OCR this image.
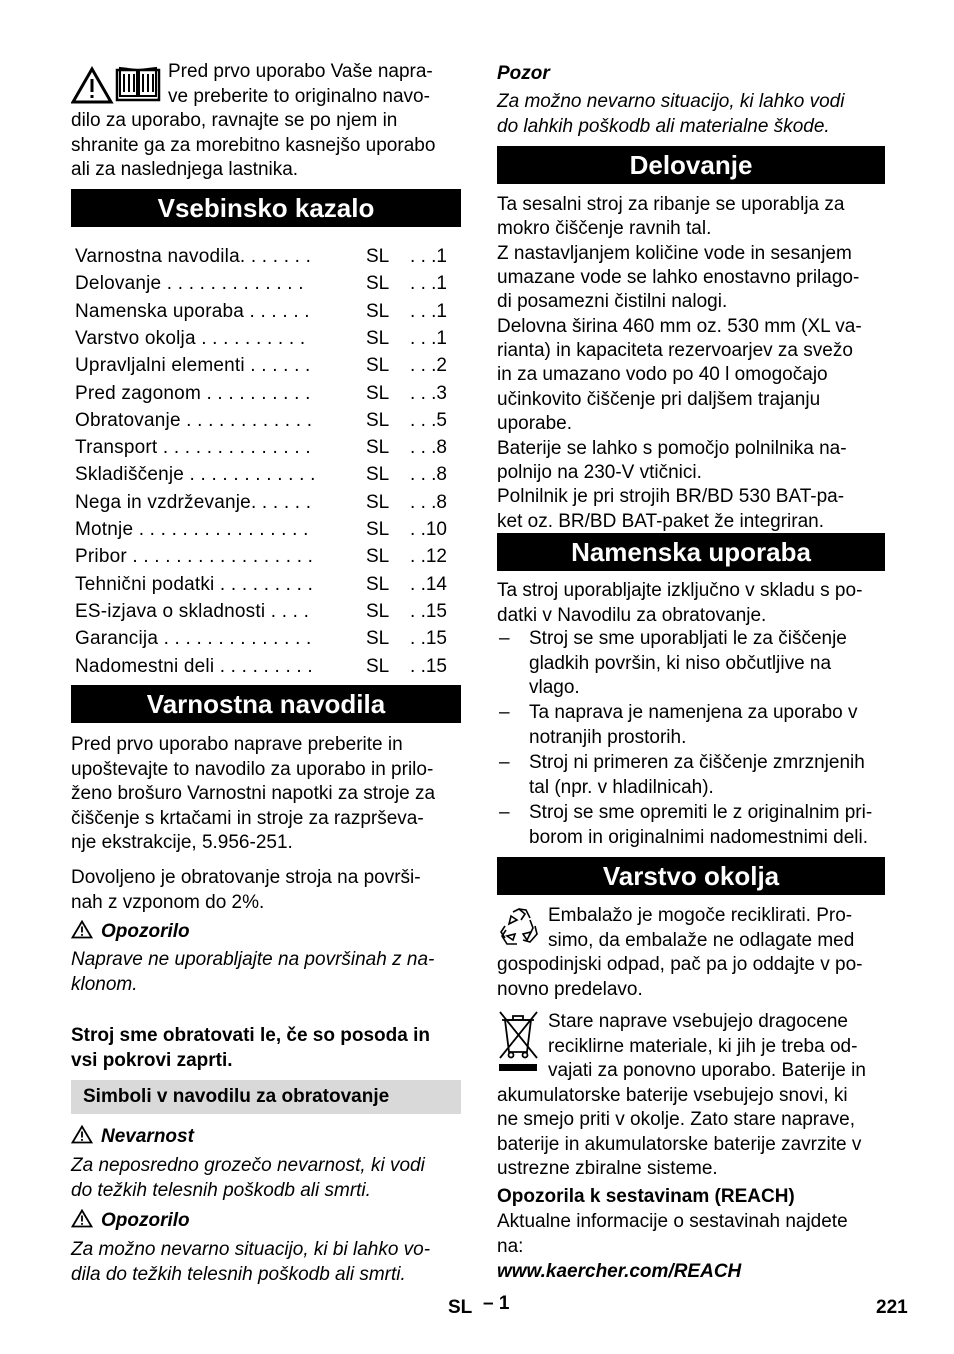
Pred prvo uporabo Vaše napra-

ve preberite to originalno navo-

dilo za uporabo, ravnajte se po njem in

shranite ga za morebitno kasnejšo uporabo

ali za naslednjega lastnika.

Vsebinsko kazalo
Varnostna navodila. . . . . . .	SL . . .1
Delovanje . . . . . . . . . . . . .	SL . . .1
Namenska uporaba . . . . . .	SL . . .1
Varstvo okolja . . . . . . . . . .	SL . . .1
Upravljalni elementi . . . . . .	SL . . .2
Pred zagonom . . . . . . . . . .	SL . . .3
Obratovanje . . . . . . . . . . . .	SL . . .5
Transport . . . . . . . . . . . . . .	SL . . .8
Skladiščenje . . . . . . . . . . . .	SL . . .8
Nega in vzdrževanje. . . . . .	SL . . .8
Motnje . . . . . . . . . . . . . . . .	SL . .10
Pribor . . . . . . . . . . . . . . . . .	SL . .12
Tehnični podatki . . . . . . . . .	SL . .14
ES-izjava o skladnosti . . . .	SL . .15
Garancija . . . . . . . . . . . . . .	SL . .15
Nadomestni deli . . . . . . . . .	SL . .15
Varnostna navodila

Pred prvo uporabo naprave preberite in

upoštevajte to navodilo za uporabo in prilo-

ženo brošuro Varnostni napotki za stroje za

čiščenje s krtačami in stroje za razprševa-

nje ekstrakcije, 5.956-251.

Dovoljeno je obratovanje stroja na površi-

nah z vzponom do 2%.

Opozorilo

Naprave ne uporabljajte na površinah z na-

klonom.

Stroj sme obratovati le, če so posoda in

vsi pokrovi zaprti.

Simboli v navodilu za obratovanje

Nevarnost

Za neposredno grozečo nevarnost, ki vodi

do težkih telesnih poškodb ali smrti.

Opozorilo

Za možno nevarno situacijo, ki bi lahko vo-

dila do težkih telesnih poškodb ali smrti.

Pozor

Za možno nevarno situacijo, ki lahko vodi

do lahkih poškodb ali materialne škode.

Delovanje

Ta sesalni stroj za ribanje se uporablja za

mokro čiščenje ravnih tal.

Z nastavljanjem količine vode in sesanjem

umazane vode se lahko enostavno prilago-

di posamezni čistilni nalogi.

Delovna širina 460 mm oz. 530 mm (XL va-

rianta) in kapaciteta rezervoarjev za svežo

in za umazano vodo po 40 l omogočajo

učinkovito čiščenje pri daljšem trajanju

uporabe.

Baterije se lahko s pomočjo polnilnika na-

polnijo na 230-V vtičnici.

Polnilnik je pri strojih BR/BD 530 BAT-pa-

ket oz. BR/BD BAT-paket že integriran.

Namenska uporaba

Ta stroj uporabljajte izključno v skladu s po-

datki v Navodilu za obratovanje.

– Stroj se sme uporabljati le za čiščenje
gladkih površin, ki niso občutljive na
vlago.
– Ta naprava je namenjena za uporabo v
notranjih prostorih.
– Stroj ni primeren za čiščenje zmrznjenih
tal (npr. v hladilnicah).
– Stroj se sme opremiti le z originalnim pri-
borom in originalnimi nadomestnimi deli.
Varstvo okolja

Embalažo je mogoče reciklirati. Pro-

simo, da embalaže ne odlagate med

gospodinjski odpad, pač pa jo oddajte v po-

novno predelavo.

Stare naprave vsebujejo dragocene

reciklirne materiale, ki jih je treba od-

vajati za ponovno uporabo. Baterije in

akumulatorske baterije vsebujejo snovi, ki

ne smejo priti v okolje. Zato stare naprave,

baterije in akumulatorske baterije zavrzite v

ustrezne zbiralne sisteme.

Opozorila k sestavinam (REACH)

Aktualne informacije o sestavinah najdete

na:

www.kaercher.com/REACH

SL – 1	221
